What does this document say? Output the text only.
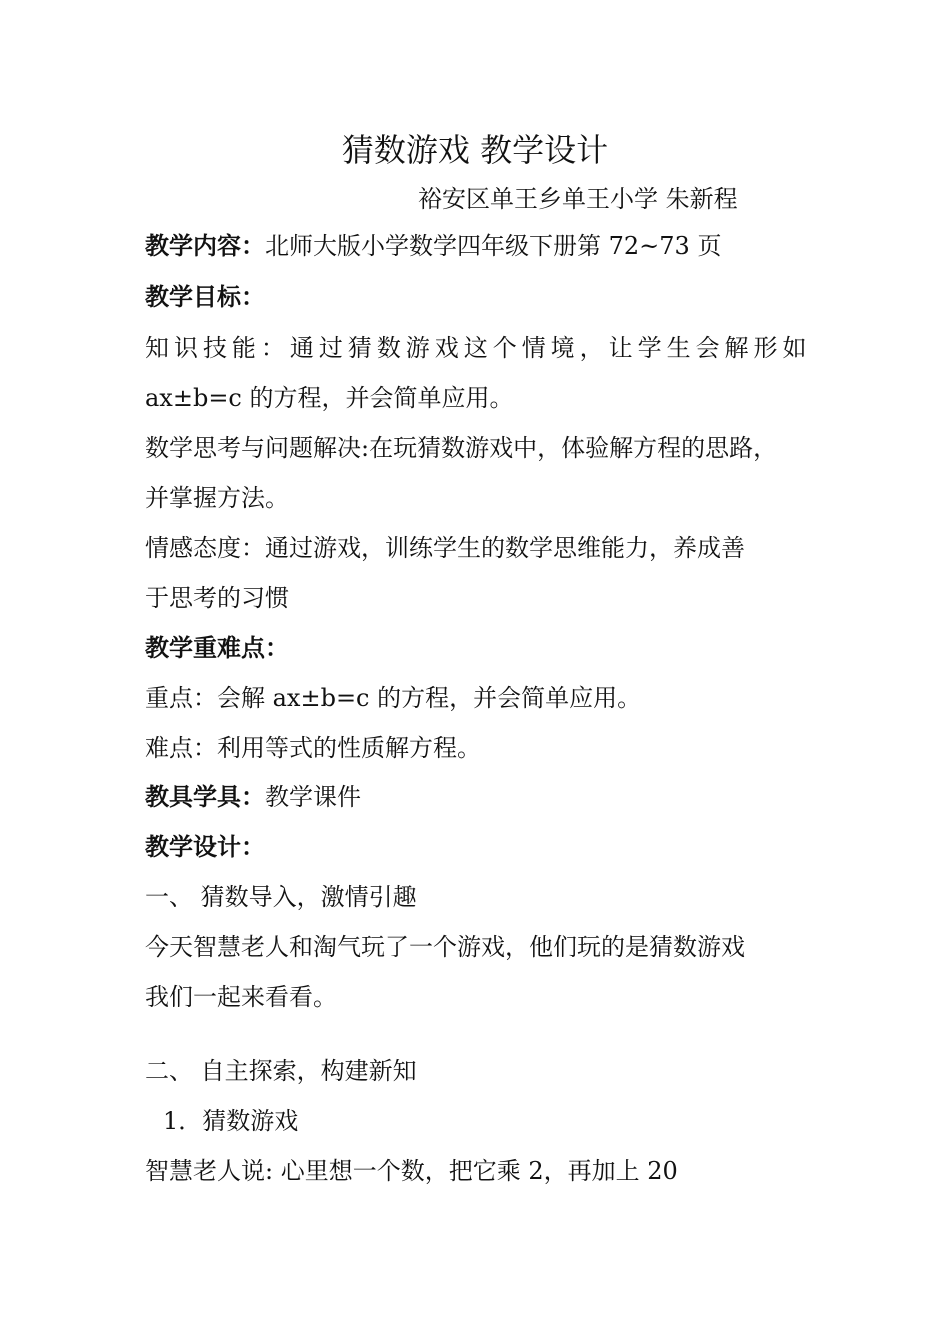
猜数游戏 教学设计
裕安区单王乡单王小学 朱新程
教学内容：北师大版小学数学四年级下册第 72~73 页
教学目标：
知识技能：通过猜数游戏这个情境，让学生会解形如
ax±b=c 的方程，并会简单应用。
数学思考与问题解决:在玩猜数游戏中，体验解方程的思路，
并掌握方法。
情感态度：通过游戏，训练学生的数学思维能力，养成善
于思考的习惯
教学重难点：
重点：会解 ax±b=c 的方程，并会简单应用。
难点：利用等式的性质解方程。
教具学具：教学课件
教学设计：
一、 猜数导入，激情引趣
今天智慧老人和淘气玩了一个游戏，他们玩的是猜数游戏
我们一起来看看。
二、 自主探索，构建新知
1．猜数游戏
智慧老人说: 心里想一个数，把它乘 2，再加上 20
